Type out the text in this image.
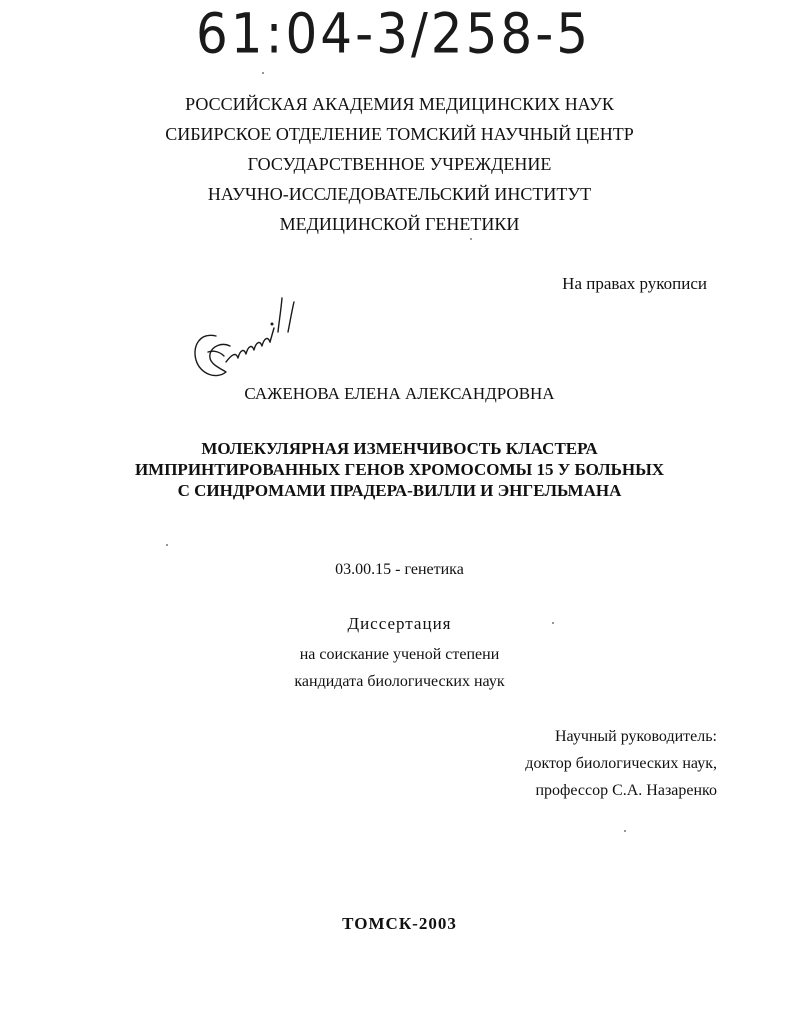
61:04-3/258-5
РОССИЙСКАЯ АКАДЕМИЯ МЕДИЦИНСКИХ НАУК
СИБИРСКОЕ ОТДЕЛЕНИЕ ТОМСКИЙ НАУЧНЫЙ ЦЕНТР
ГОСУДАРСТВЕННОЕ УЧРЕЖДЕНИЕ
НАУЧНО-ИССЛЕДОВАТЕЛЬСКИЙ ИНСТИТУТ
МЕДИЦИНСКОЙ ГЕНЕТИКИ
На правах рукописи
САЖЕНОВА ЕЛЕНА АЛЕКСАНДРОВНА
МОЛЕКУЛЯРНАЯ ИЗМЕНЧИВОСТЬ КЛАСТЕРА
ИМПРИНТИРОВАННЫХ ГЕНОВ ХРОМОСОМЫ 15 У БОЛЬНЫХ
С СИНДРОМАМИ ПРАДЕРА-ВИЛЛИ И ЭНГЕЛЬМАНА
03.00.15 - генетика
Диссертация
на соискание ученой степени
кандидата биологических наук
Научный руководитель:
доктор биологических наук,
профессор С.А. Назаренко
ТОМСК-2003
